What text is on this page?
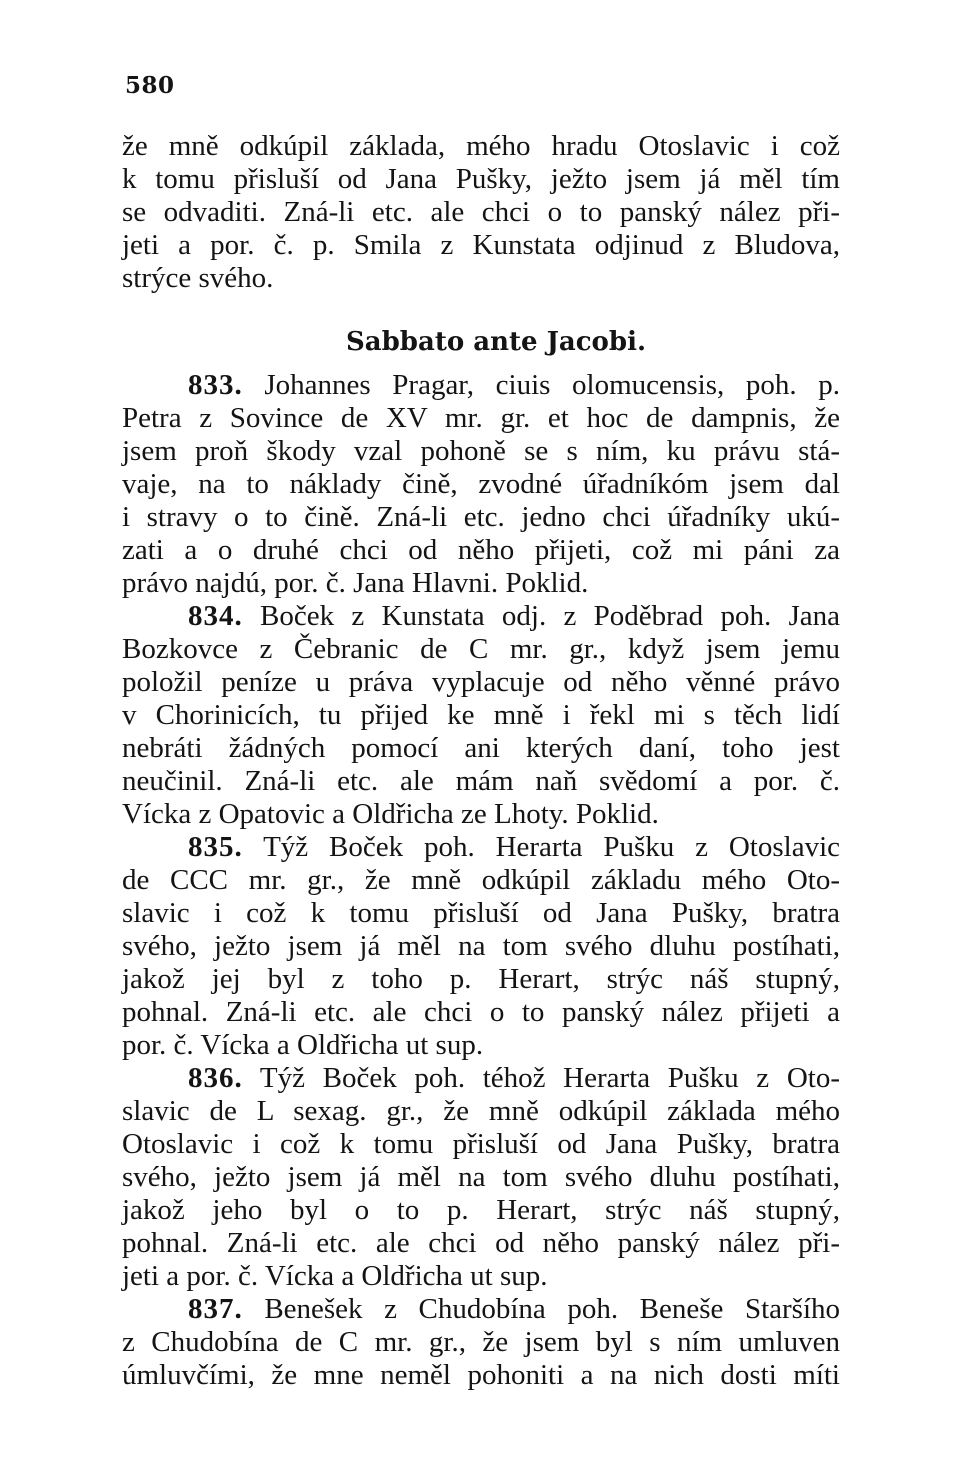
580
že mně odkúpil základa, mého hradu Otoslavic i což
k tomu přisluší od Jana Pušky, ježto jsem já měl tím
se odvaditi. Zná-li etc. ale chci o to panský nález při-
jeti a por. č. p. Smila z Kunstata odjinud z Bludova,
strýce svého.
Sabbato ante Jacobi.
833. Johannes Pragar, ciuis olomucensis, poh. p.
Petra z Sovince de XV mr. gr. et hoc de dampnis, že
jsem proň škody vzal pohoně se s ním, ku právu stá-
vaje, na to náklady čině, zvodné úřadníkóm jsem dal
i stravy o to čině. Zná-li etc. jedno chci úřadníky ukú-
zati a o druhé chci od něho přijeti, což mi páni za
právo najdú, por. č. Jana Hlavni. Poklid.
834. Boček z Kunstata odj. z Poděbrad poh. Jana
Bozkovce z Čebranic de C mr. gr., když jsem jemu
položil peníze u práva vyplacuje od něho věnné právo
v Chorinicích, tu přijed ke mně i řekl mi s těch lidí
nebráti žádných pomocí ani kterých daní, toho jest
neučinil. Zná-li etc. ale mám naň svědomí a por. č.
Vícka z Opatovic a Oldřicha ze Lhoty. Poklid.
835. Týž Boček poh. Herarta Pušku z Otoslavic
de CCC mr. gr., že mně odkúpil základu mého Oto-
slavic i což k tomu přisluší od Jana Pušky, bratra
svého, ježto jsem já měl na tom svého dluhu postíhati,
jakož jej byl z toho p. Herart, strýc náš stupný,
pohnal. Zná-li etc. ale chci o to panský nález přijeti a
por. č. Vícka a Oldřicha ut sup.
836. Týž Boček poh. téhož Herarta Pušku z Oto-
slavic de L sexag. gr., že mně odkúpil základa mého
Otoslavic i což k tomu přisluší od Jana Pušky, bratra
svého, ježto jsem já měl na tom svého dluhu postíhati,
jakož jeho byl o to p. Herart, strýc náš stupný,
pohnal. Zná-li etc. ale chci od něho panský nález při-
jeti a por. č. Vícka a Oldřicha ut sup.
837. Benešek z Chudobína poh. Beneše Staršího
z Chudobína de C mr. gr., že jsem byl s ním umluven
úmluvčími, že mne neměl pohoniti a na nich dosti míti
